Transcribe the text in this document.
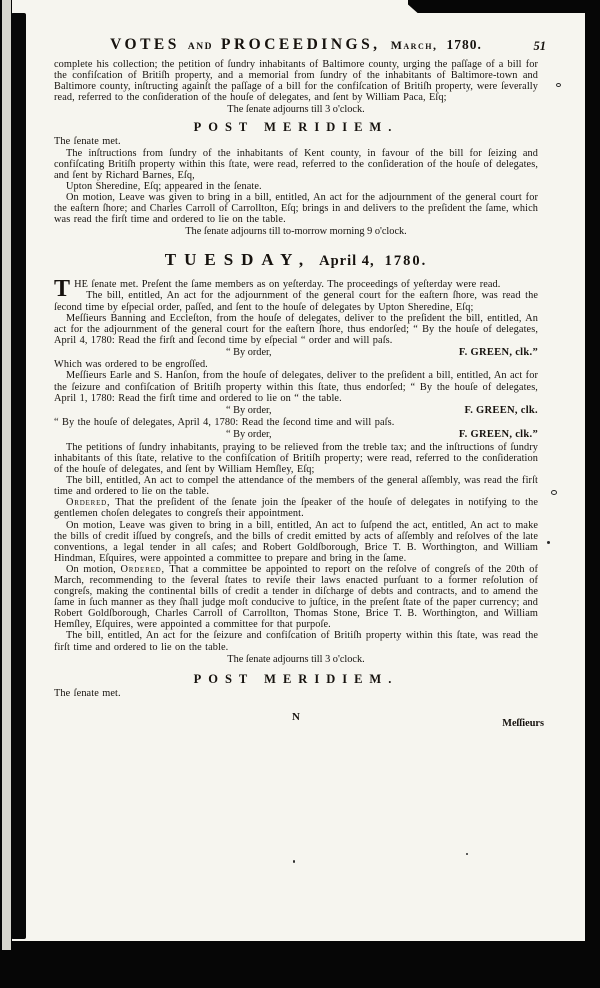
VOTES AND PROCEEDINGS, March, 1780.	51

complete his collection; the petition of ſundry inhabitants of Baltimore county, urging the paſſage of a bill for the confiſcation of Britiſh property, and a memorial from ſundry of the inhabitants of Baltimore-town and Baltimore county, inſtructing againſt the paſſage of a bill for the confiſcation of Britiſh property, were ſeverally read, referred to the conſideration of the houſe of delegates, and ſent by William Paca, Eſq;

The ſenate adjourns till 3 o'clock.
POST MERIDIEM.

The ſenate met.

The inſtructions from ſundry of the inhabitants of Kent county, in favour of the bill for ſeizing and confiſcating Britiſh property within this ſtate, were read, referred to the conſideration of the houſe of delegates, and ſent by Richard Barnes, Eſq,

Upton Sheredine, Eſq; appeared in the ſenate.

On motion, Leave was given to bring in a bill, entitled, An act for the adjournment of the general court for the eaſtern ſhore; and Charles Carroll of Carrollton, Eſq; brings in and delivers to the preſident the ſame, which was read the firſt time and ordered to lie on the table.

The ſenate adjourns till to-morrow morning 9 o'clock.
TUESDAY, April 4, 1780.

THE ſenate met. Preſent the ſame members as on yeſterday. The proceedings of yeſterday were read.

The bill, entitled, An act for the adjournment of the general court for the eaſtern ſhore, was read the ſecond time by eſpecial order, paſſed, and ſent to the houſe of delegates by Upton Sheredine, Eſq;

Meſſieurs Banning and Eccleſton, from the houſe of delegates, deliver to the preſident the bill, entitled, An act for the adjournment of the general court for the eaſtern ſhore, thus endorſed; “ By the houſe of delegates, April 4, 1780: Read the firſt and ſecond time by eſpecial “ order and will paſs.

“ By order,	F. GREEN, clk.”

Which was ordered to be engroſſed.

Meſſieurs Earle and S. Hanſon, from the houſe of delegates, deliver to the preſident a bill, entitled, An act for the ſeizure and confiſcation of Britiſh property within this ſtate, thus endorſed; “ By the houſe of delegates, April 1, 1780: Read the firſt time and ordered to lie on “ the table.

“ By order,	F. GREEN, clk.

“ By the houſe of delegates, April 4, 1780: Read the ſecond time and will paſs.

“ By order,	F. GREEN, clk.”

The petitions of ſundry inhabitants, praying to be relieved from the treble tax; and the inſtructions of ſundry inhabitants of this ſtate, relative to the confiſcation of Britiſh property; were read, referred to the conſideration of the houſe of delegates, and ſent by William Hemſley, Eſq;

The bill, entitled, An act to compel the attendance of the members of the general aſſembly, was read the firſt time and ordered to lie on the table.

Ordered, That the preſident of the ſenate join the ſpeaker of the houſe of delegates in notifying to the gentlemen choſen delegates to congreſs their appointment.

On motion, Leave was given to bring in a bill, entitled, An act to ſuſpend the act, entitled, An act to make the bills of credit iſſued by congreſs, and the bills of credit emitted by acts of aſſembly and reſolves of the late conventions, a legal tender in all caſes; and Robert Goldſborough, Brice T. B. Worthington, and William Hindman, Eſquires, were appointed a committee to prepare and bring in the ſame.

On motion, Ordered, That a committee be appointed to report on the reſolve of congreſs of the 20th of March, recommending to the ſeveral ſtates to reviſe their laws enacted purſuant to a former reſolution of congreſs, making the continental bills of credit a tender in diſcharge of debts and contracts, and to amend the ſame in ſuch manner as they ſhall judge moſt conducive to juſtice, in the preſent ſtate of the paper currency; and Robert Goldſborough, Charles Carroll of Carrollton, Thomas Stone, Brice T. B. Worthington, and William Hemſley, Eſquires, were appointed a committee for that purpoſe.

The bill, entitled, An act for the ſeizure and confiſcation of Britiſh property within this ſtate, was read the firſt time and ordered to lie on the table.

The ſenate adjourns till 3 o'clock.
POST MERIDIEM.

The ſenate met.

N
Meſſieurs
